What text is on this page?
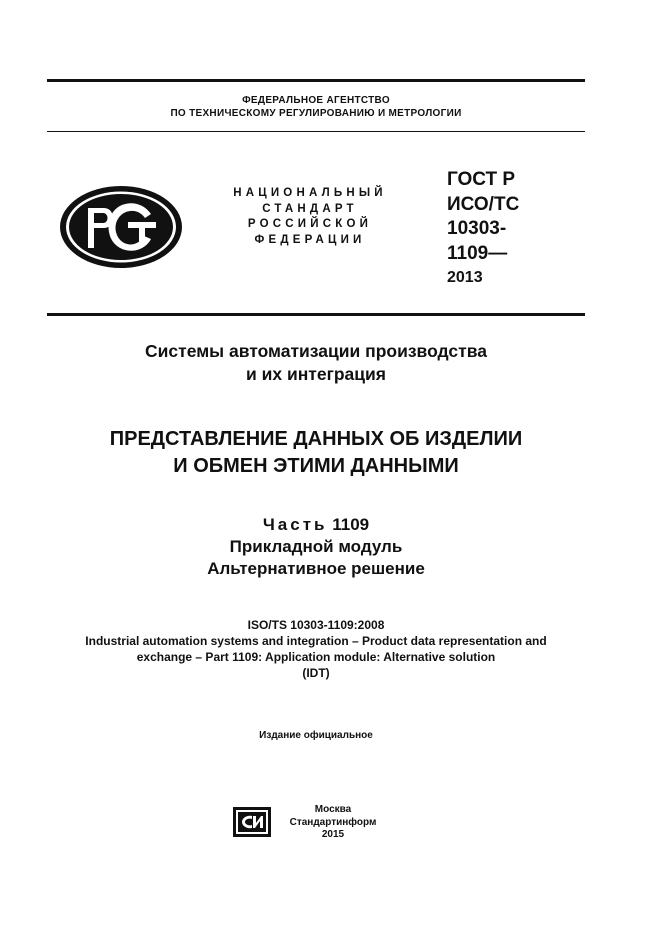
ФЕДЕРАЛЬНОЕ АГЕНТСТВО
ПО ТЕХНИЧЕСКОМУ РЕГУЛИРОВАНИЮ И МЕТРОЛОГИИ
НАЦИОНАЛЬНЫЙ
СТАНДАРТ
РОССИЙСКОЙ
ФЕДЕРАЦИИ
ГОСТ Р
ИСО/ТС
10303-
1109—
2013
Системы автоматизации производства
и их интеграция
ПРЕДСТАВЛЕНИЕ ДАННЫХ ОБ ИЗДЕЛИИ
И ОБМЕН ЭТИМИ ДАННЫМИ
Часть 1109
Прикладной модуль
Альтернативное решение
ISO/TS 10303-1109:2008
Industrial automation systems and integration – Product data representation and
exchange – Part 1109: Application module: Alternative solution
(IDT)
Издание официальное
Москва
Стандартинформ
2015
